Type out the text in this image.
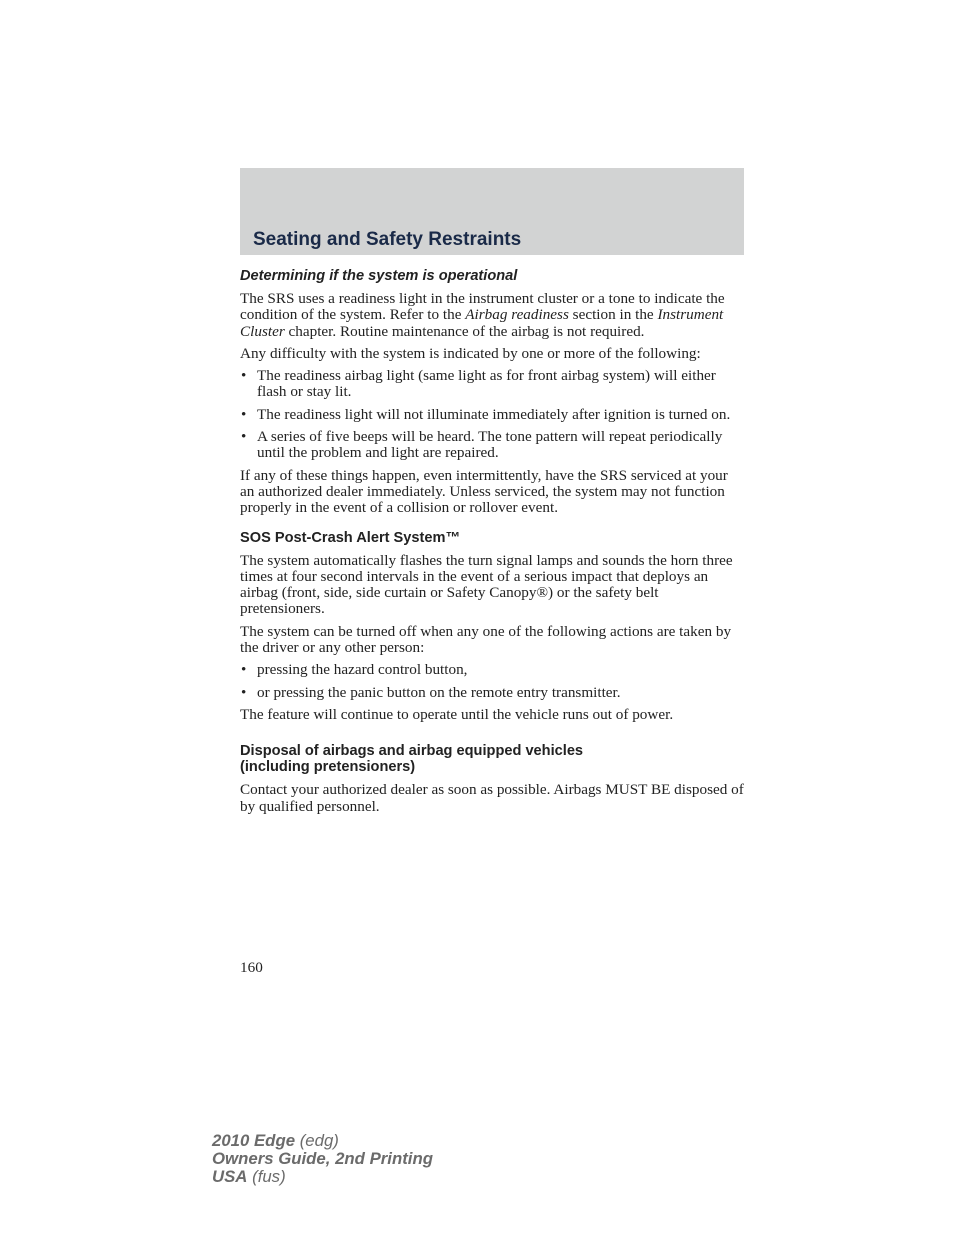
Seating and Safety Restraints
Determining if the system is operational

The SRS uses a readiness light in the instrument cluster or a tone to indicate the condition of the system. Refer to the Airbag readiness section in the Instrument Cluster chapter. Routine maintenance of the airbag is not required.

Any difficulty with the system is indicated by one or more of the following:

• The readiness airbag light (same light as for front airbag system) will either flash or stay lit.
• The readiness light will not illuminate immediately after ignition is turned on.
• A series of five beeps will be heard. The tone pattern will repeat periodically until the problem and light are repaired.

If any of these things happen, even intermittently, have the SRS serviced at your an authorized dealer immediately. Unless serviced, the system may not function properly in the event of a collision or rollover event.

SOS Post-Crash Alert System™

The system automatically flashes the turn signal lamps and sounds the horn three times at four second intervals in the event of a serious impact that deploys an airbag (front, side, side curtain or Safety Canopy®) or the safety belt pretensioners.

The system can be turned off when any one of the following actions are taken by the driver or any other person:

• pressing the hazard control button,
• or pressing the panic button on the remote entry transmitter.

The feature will continue to operate until the vehicle runs out of power.

Disposal of airbags and airbag equipped vehicles
(including pretensioners)

Contact your authorized dealer as soon as possible. Airbags MUST BE disposed of by qualified personnel.

160
2010 Edge (edg)
Owners Guide, 2nd Printing
USA (fus)
